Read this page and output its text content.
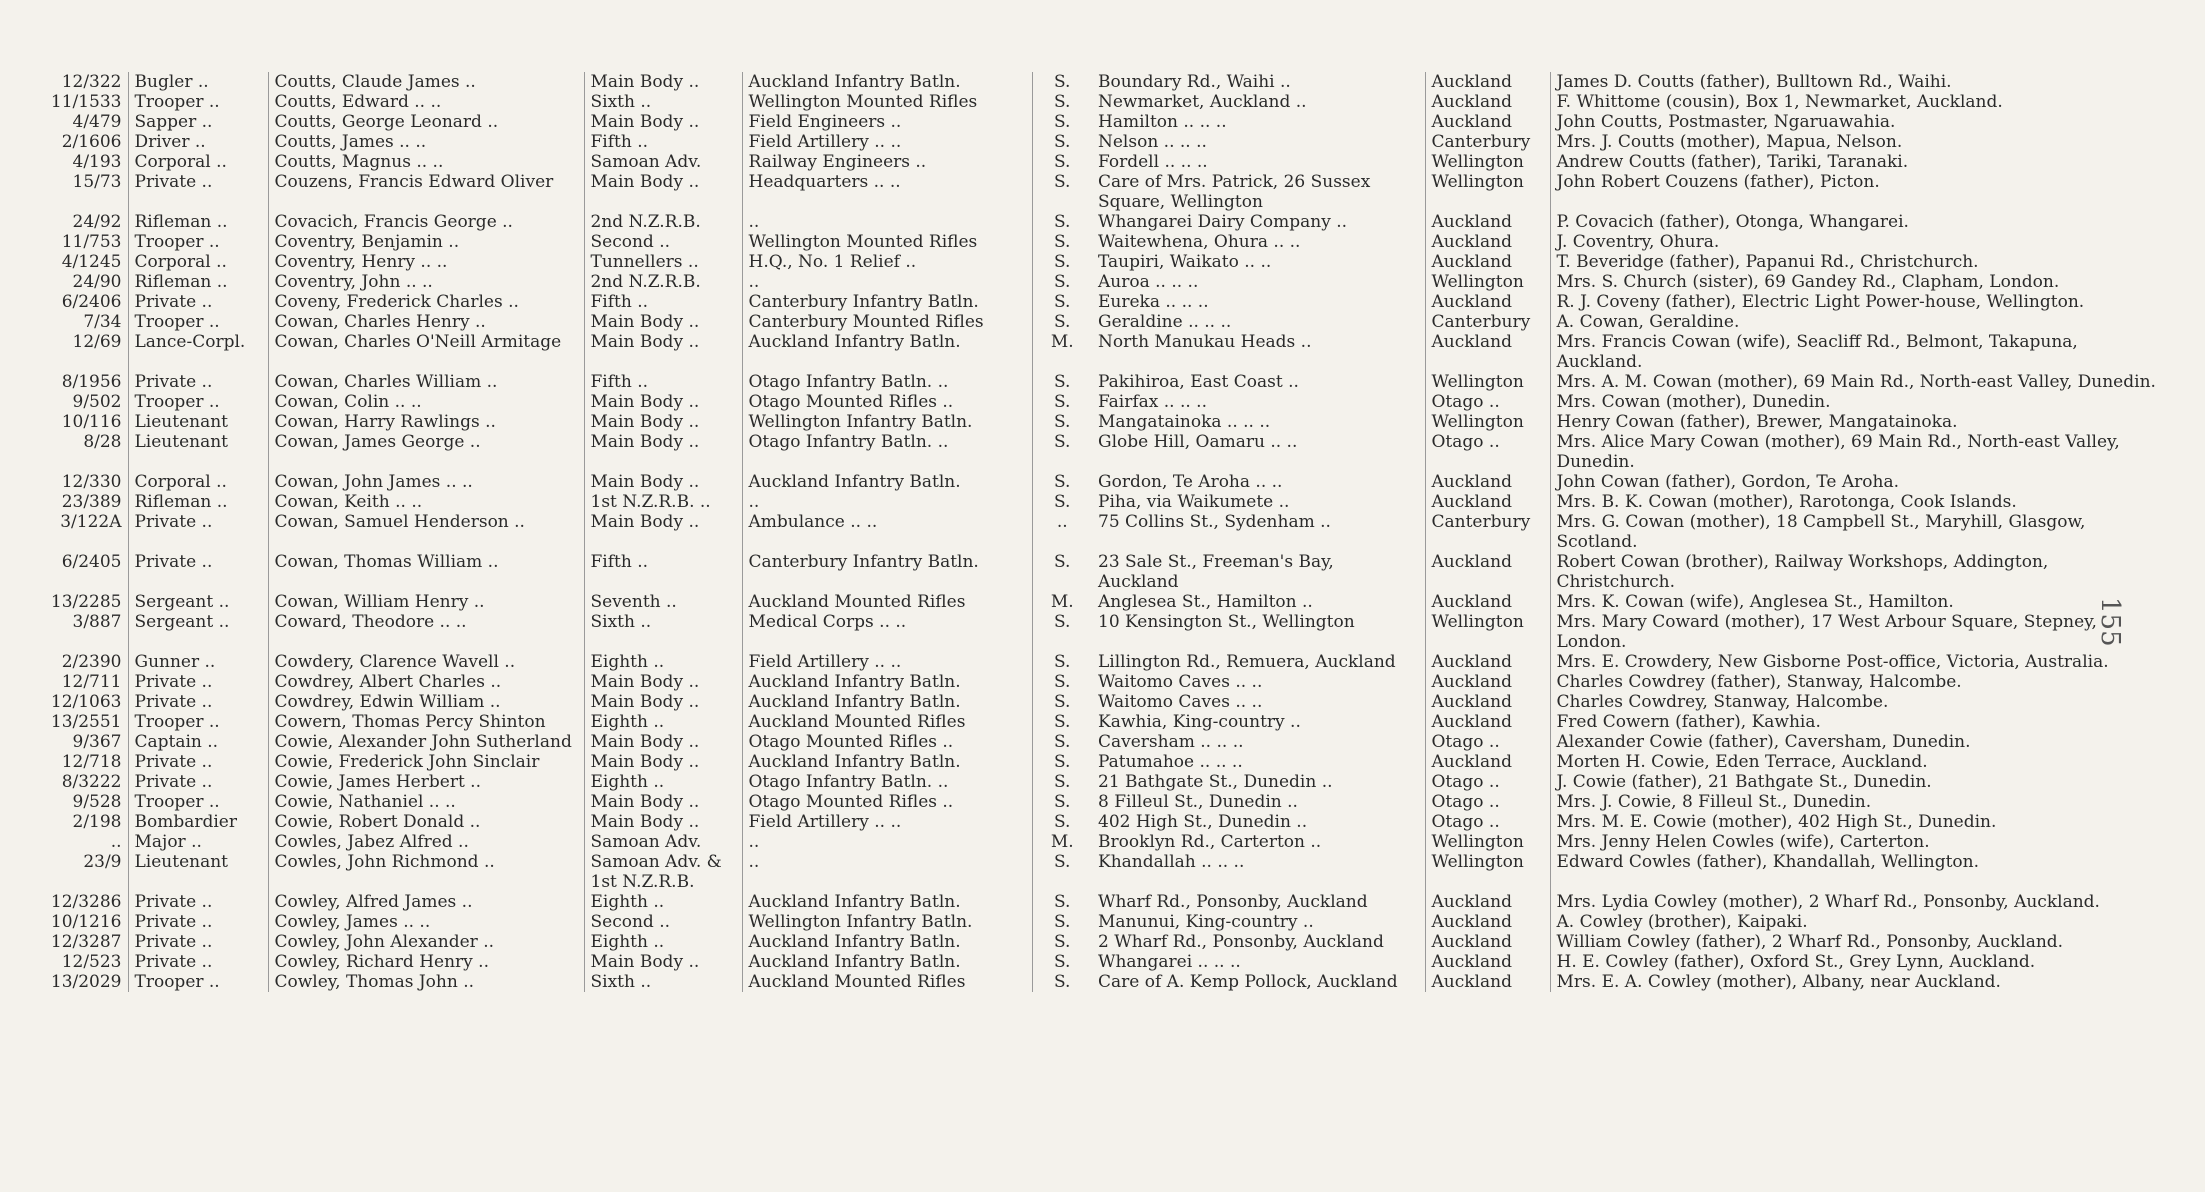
12/322	Bugler ..	Coutts, Claude James ..	Main Body ..	Auckland Infantry Batln.	S.	Boundary Rd., Waihi ..	Auckland	James D. Coutts (father), Bulltown Rd., Waihi.
11/1533	Trooper ..	Coutts, Edward .. ..	Sixth ..	Wellington Mounted Rifles	S.	Newmarket, Auckland ..	Auckland	F. Whittome (cousin), Box 1, Newmarket, Auckland.
4/479	Sapper ..	Coutts, George Leonard ..	Main Body ..	Field Engineers ..	S.	Hamilton .. .. ..	Auckland	John Coutts, Postmaster, Ngaruawahia.
2/1606	Driver ..	Coutts, James .. ..	Fifth ..	Field Artillery .. ..	S.	Nelson .. .. ..	Canterbury	Mrs. J. Coutts (mother), Mapua, Nelson.
4/193	Corporal ..	Coutts, Magnus .. ..	Samoan Adv.	Railway Engineers ..	S.	Fordell .. .. ..	Wellington	Andrew Coutts (father), Tariki, Taranaki.
15/73	Private ..	Couzens, Francis Edward Oliver	Main Body ..	Headquarters .. ..	S.	Care of Mrs. Patrick, 26 Sussex Square, Wellington	Wellington	John Robert Couzens (father), Picton.
24/92	Rifleman ..	Covacich, Francis George ..	2nd N.Z.R.B.	..	S.	Whangarei Dairy Company ..	Auckland	P. Covacich (father), Otonga, Whangarei.
11/753	Trooper ..	Coventry, Benjamin ..	Second ..	Wellington Mounted Rifles	S.	Waitewhena, Ohura .. ..	Auckland	J. Coventry, Ohura.
4/1245	Corporal ..	Coventry, Henry .. ..	Tunnellers ..	H.Q., No. 1 Relief ..	S.	Taupiri, Waikato .. ..	Auckland	T. Beveridge (father), Papanui Rd., Christchurch.
24/90	Rifleman ..	Coventry, John .. ..	2nd N.Z.R.B.	..	S.	Auroa .. .. ..	Wellington	Mrs. S. Church (sister), 69 Gandey Rd., Clapham, London.
6/2406	Private ..	Coveny, Frederick Charles ..	Fifth ..	Canterbury Infantry Batln.	S.	Eureka .. .. ..	Auckland	R. J. Coveny (father), Electric Light Power-house, Wellington.
7/34	Trooper ..	Cowan, Charles Henry ..	Main Body ..	Canterbury Mounted Rifles	S.	Geraldine .. .. ..	Canterbury	A. Cowan, Geraldine.
12/69	Lance-Corpl.	Cowan, Charles O'Neill Armitage	Main Body ..	Auckland Infantry Batln.	M.	North Manukau Heads ..	Auckland	Mrs. Francis Cowan (wife), Seacliff Rd., Belmont, Takapuna, Auckland.
8/1956	Private ..	Cowan, Charles William ..	Fifth ..	Otago Infantry Batln. ..	S.	Pakihiroa, East Coast ..	Wellington	Mrs. A. M. Cowan (mother), 69 Main Rd., North-east Valley, Dunedin.
9/502	Trooper ..	Cowan, Colin .. ..	Main Body ..	Otago Mounted Rifles ..	S.	Fairfax .. .. ..	Otago ..	Mrs. Cowan (mother), Dunedin.
10/116	Lieutenant	Cowan, Harry Rawlings ..	Main Body ..	Wellington Infantry Batln.	S.	Mangatainoka .. .. ..	Wellington	Henry Cowan (father), Brewer, Mangatainoka.
8/28	Lieutenant	Cowan, James George ..	Main Body ..	Otago Infantry Batln. ..	S.	Globe Hill, Oamaru .. ..	Otago ..	Mrs. Alice Mary Cowan (mother), 69 Main Rd., North-east Valley, Dunedin.
12/330	Corporal ..	Cowan, John James .. ..	Main Body ..	Auckland Infantry Batln.	S.	Gordon, Te Aroha .. ..	Auckland	John Cowan (father), Gordon, Te Aroha.
23/389	Rifleman ..	Cowan, Keith .. ..	1st N.Z.R.B. ..	..	S.	Piha, via Waikumete ..	Auckland	Mrs. B. K. Cowan (mother), Rarotonga, Cook Islands.
3/122A	Private ..	Cowan, Samuel Henderson ..	Main Body ..	Ambulance .. ..	..	75 Collins St., Sydenham ..	Canterbury	Mrs. G. Cowan (mother), 18 Campbell St., Maryhill, Glasgow, Scotland.
6/2405	Private ..	Cowan, Thomas William ..	Fifth ..	Canterbury Infantry Batln.	S.	23 Sale St., Freeman's Bay, Auckland	Auckland	Robert Cowan (brother), Railway Workshops, Addington, Christchurch.
13/2285	Sergeant ..	Cowan, William Henry ..	Seventh ..	Auckland Mounted Rifles	M.	Anglesea St., Hamilton ..	Auckland	Mrs. K. Cowan (wife), Anglesea St., Hamilton.
3/887	Sergeant ..	Coward, Theodore .. ..	Sixth ..	Medical Corps .. ..	S.	10 Kensington St., Wellington	Wellington	Mrs. Mary Coward (mother), 17 West Arbour Square, Stepney, London.
2/2390	Gunner ..	Cowdery, Clarence Wavell ..	Eighth ..	Field Artillery .. ..	S.	Lillington Rd., Remuera, Auckland	Auckland	Mrs. E. Crowdery, New Gisborne Post-office, Victoria, Australia.
12/711	Private ..	Cowdrey, Albert Charles ..	Main Body ..	Auckland Infantry Batln.	S.	Waitomo Caves .. ..	Auckland	Charles Cowdrey (father), Stanway, Halcombe.
12/1063	Private ..	Cowdrey, Edwin William ..	Main Body ..	Auckland Infantry Batln.	S.	Waitomo Caves .. ..	Auckland	Charles Cowdrey, Stanway, Halcombe.
13/2551	Trooper ..	Cowern, Thomas Percy Shinton	Eighth ..	Auckland Mounted Rifles	S.	Kawhia, King-country ..	Auckland	Fred Cowern (father), Kawhia.
9/367	Captain ..	Cowie, Alexander John Sutherland	Main Body ..	Otago Mounted Rifles ..	S.	Caversham .. .. ..	Otago ..	Alexander Cowie (father), Caversham, Dunedin.
12/718	Private ..	Cowie, Frederick John Sinclair	Main Body ..	Auckland Infantry Batln.	S.	Patumahoe .. .. ..	Auckland	Morten H. Cowie, Eden Terrace, Auckland.
8/3222	Private ..	Cowie, James Herbert ..	Eighth ..	Otago Infantry Batln. ..	S.	21 Bathgate St., Dunedin ..	Otago ..	J. Cowie (father), 21 Bathgate St., Dunedin.
9/528	Trooper ..	Cowie, Nathaniel .. ..	Main Body ..	Otago Mounted Rifles ..	S.	8 Filleul St., Dunedin ..	Otago ..	Mrs. J. Cowie, 8 Filleul St., Dunedin.
2/198	Bombardier	Cowie, Robert Donald ..	Main Body ..	Field Artillery .. ..	S.	402 High St., Dunedin ..	Otago ..	Mrs. M. E. Cowie (mother), 402 High St., Dunedin.
..	Major ..	Cowles, Jabez Alfred ..	Samoan Adv.	..	M.	Brooklyn Rd., Carterton ..	Wellington	Mrs. Jenny Helen Cowles (wife), Carterton.
23/9	Lieutenant	Cowles, John Richmond ..	Samoan Adv. & 1st N.Z.R.B.	..	S.	Khandallah .. .. ..	Wellington	Edward Cowles (father), Khandallah, Wellington.
12/3286	Private ..	Cowley, Alfred James ..	Eighth ..	Auckland Infantry Batln.	S.	Wharf Rd., Ponsonby, Auckland	Auckland	Mrs. Lydia Cowley (mother), 2 Wharf Rd., Ponsonby, Auckland.
10/1216	Private ..	Cowley, James .. ..	Second ..	Wellington Infantry Batln.	S.	Manunui, King-country ..	Auckland	A. Cowley (brother), Kaipaki.
12/3287	Private ..	Cowley, John Alexander ..	Eighth ..	Auckland Infantry Batln.	S.	2 Wharf Rd., Ponsonby, Auckland	Auckland	William Cowley (father), 2 Wharf Rd., Ponsonby, Auckland.
12/523	Private ..	Cowley, Richard Henry ..	Main Body ..	Auckland Infantry Batln.	S.	Whangarei .. .. ..	Auckland	H. E. Cowley (father), Oxford St., Grey Lynn, Auckland.
13/2029	Trooper ..	Cowley, Thomas John ..	Sixth ..	Auckland Mounted Rifles	S.	Care of A. Kemp Pollock, Auckland	Auckland	Mrs. E. A. Cowley (mother), Albany, near Auckland.
155
